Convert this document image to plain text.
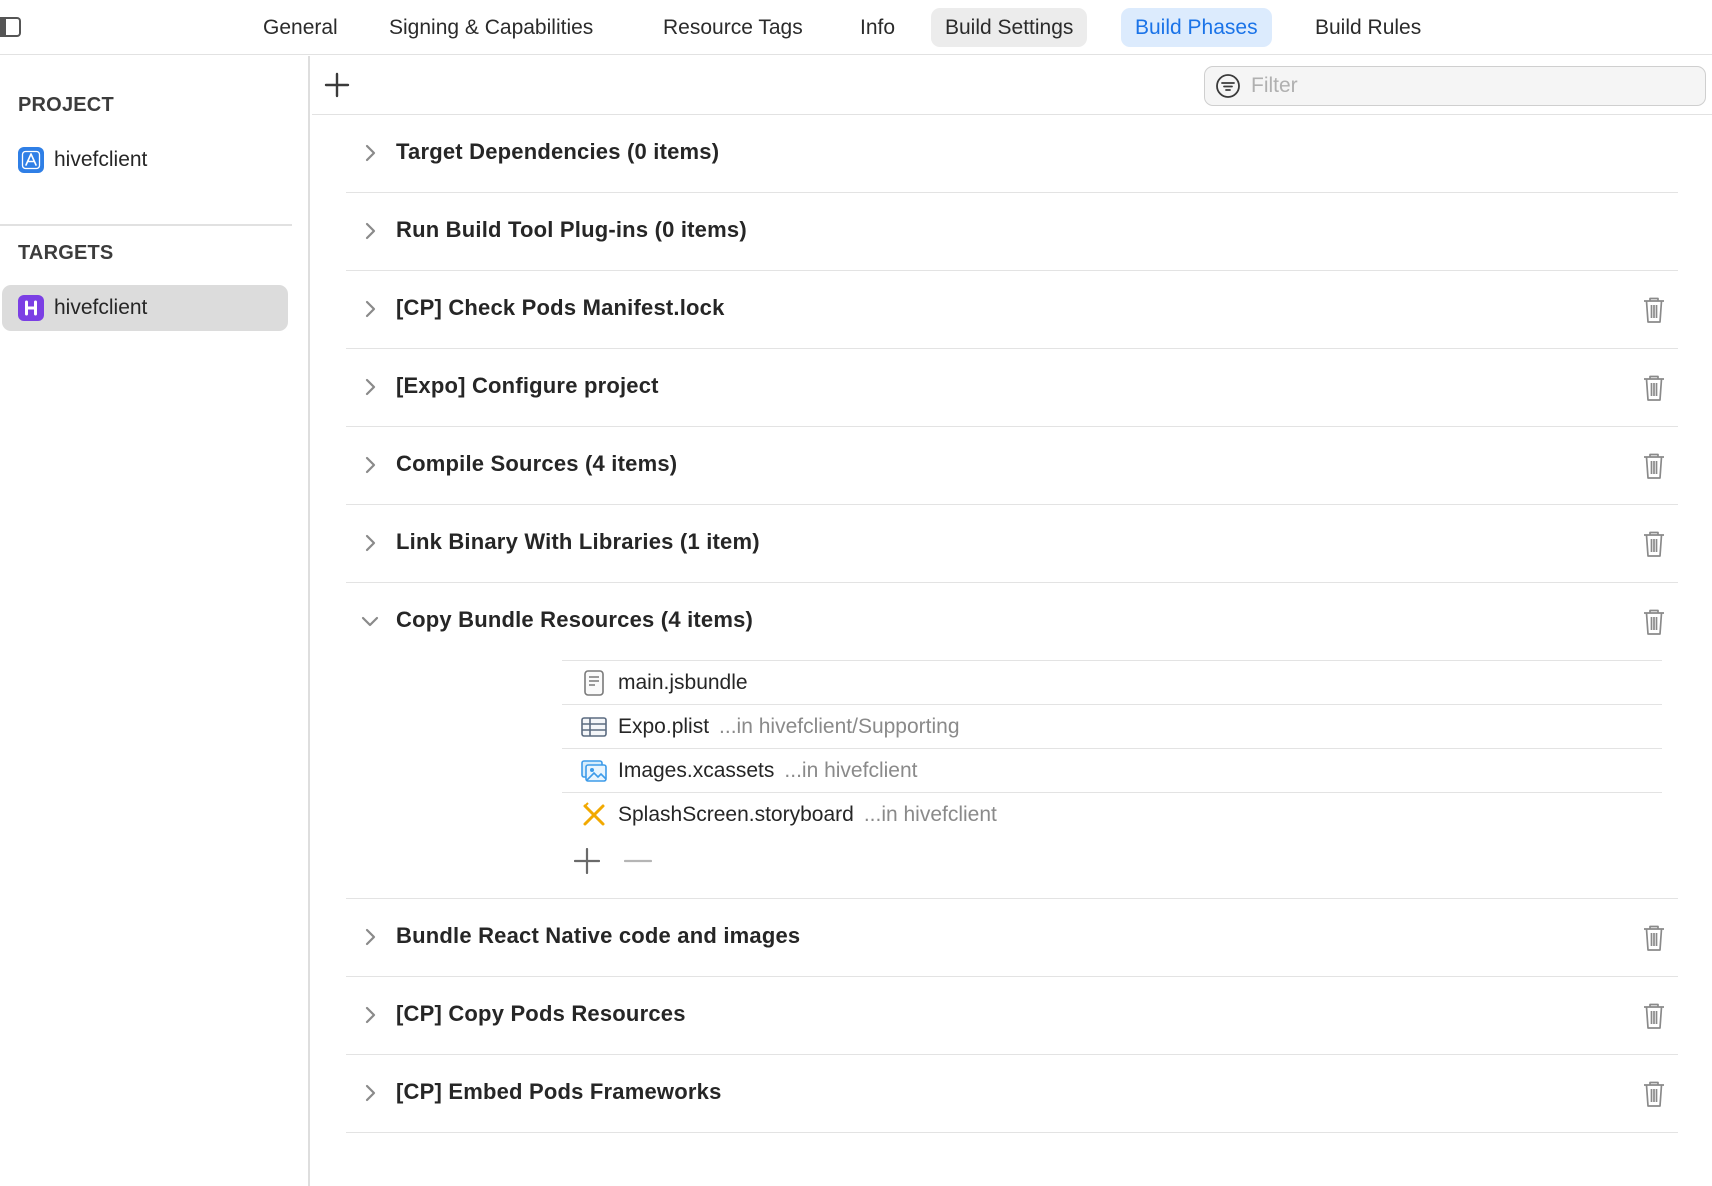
General	Signing & Capabilities	Resource Tags	Info	Build Settings	Build Phases	Build Rules
PROJECT
hivefclient
TARGETS
hivefclient
Filter
Target Dependencies (0 items)
Run Build Tool Plug-ins (0 items)
[CP] Check Pods Manifest.lock
[Expo] Configure project
Compile Sources (4 items)
Link Binary With Libraries (1 item)
Copy Bundle Resources (4 items)
main.jsbundle
Expo.plist ...in hivefclient/Supporting
Images.xcassets ...in hivefclient
SplashScreen.storyboard ...in hivefclient
Bundle React Native code and images
[CP] Copy Pods Resources
[CP] Embed Pods Frameworks
